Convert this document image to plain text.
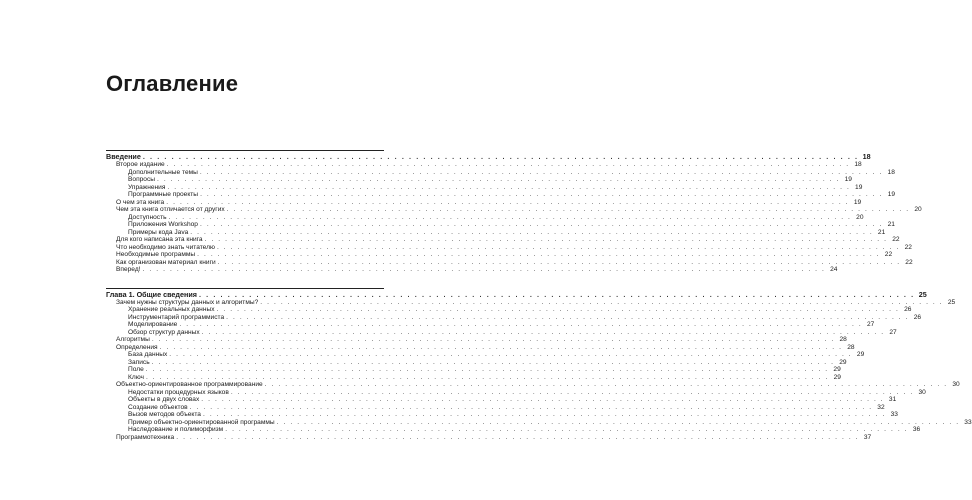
Оглавление
Введение . . . . . . . . . . . . . . . . . . . . . . . . . . . . . . . . . . . . . . . . . . . . . . . . . . . . . . . . . . . . . . . . . . . . . . . . . . . . . . . . . . . . . . . . . . . . . . . . . . . . 18
Второе издание . . . . . . . . . . . . . . . . . . . . . . . . . . . . . . . . . . . . . . . . . . . . . . . . . . . . . . . . . . . . . . . . . . . . . . . . . . . . . . . . . . . . . . . . . . . . . . . . . . . . 18
Дополнительные темы . . . . . . . . . . . . . . . . . . . . . . . . . . . . . . . . . . . . . . . . . . . . . . . . . . . . . . . . . . . . . . . . . . . . . . . . . . . . . . . . . . . . . . . . . . . . . . . . . . . . 18
Вопросы . . . . . . . . . . . . . . . . . . . . . . . . . . . . . . . . . . . . . . . . . . . . . . . . . . . . . . . . . . . . . . . . . . . . . . . . . . . . . . . . . . . . . . . . . . . . . . . . . . . . 19
Упражнения . . . . . . . . . . . . . . . . . . . . . . . . . . . . . . . . . . . . . . . . . . . . . . . . . . . . . . . . . . . . . . . . . . . . . . . . . . . . . . . . . . . . . . . . . . . . . . . . . . . . 19
Программные проекты . . . . . . . . . . . . . . . . . . . . . . . . . . . . . . . . . . . . . . . . . . . . . . . . . . . . . . . . . . . . . . . . . . . . . . . . . . . . . . . . . . . . . . . . . . . . . . . . . . . . 19
О чем эта книга . . . . . . . . . . . . . . . . . . . . . . . . . . . . . . . . . . . . . . . . . . . . . . . . . . . . . . . . . . . . . . . . . . . . . . . . . . . . . . . . . . . . . . . . . . . . . . . . . . . . 19
Чем эта книга отличается от других . . . . . . . . . . . . . . . . . . . . . . . . . . . . . . . . . . . . . . . . . . . . . . . . . . . . . . . . . . . . . . . . . . . . . . . . . . . . . . . . . . . . . . . . . . . . . . . . . . . . 20
Доступность . . . . . . . . . . . . . . . . . . . . . . . . . . . . . . . . . . . . . . . . . . . . . . . . . . . . . . . . . . . . . . . . . . . . . . . . . . . . . . . . . . . . . . . . . . . . . . . . . . . . 20
Приложения Workshop . . . . . . . . . . . . . . . . . . . . . . . . . . . . . . . . . . . . . . . . . . . . . . . . . . . . . . . . . . . . . . . . . . . . . . . . . . . . . . . . . . . . . . . . . . . . . . . . . . . . 21
Примеры кода Java . . . . . . . . . . . . . . . . . . . . . . . . . . . . . . . . . . . . . . . . . . . . . . . . . . . . . . . . . . . . . . . . . . . . . . . . . . . . . . . . . . . . . . . . . . . . . . . . . . . . 21
Для кого написана эта книга . . . . . . . . . . . . . . . . . . . . . . . . . . . . . . . . . . . . . . . . . . . . . . . . . . . . . . . . . . . . . . . . . . . . . . . . . . . . . . . . . . . . . . . . . . . . . . . . . . . . 22
Что необходимо знать читателю . . . . . . . . . . . . . . . . . . . . . . . . . . . . . . . . . . . . . . . . . . . . . . . . . . . . . . . . . . . . . . . . . . . . . . . . . . . . . . . . . . . . . . . . . . . . . . . . . . . . 22
Необходимые программы . . . . . . . . . . . . . . . . . . . . . . . . . . . . . . . . . . . . . . . . . . . . . . . . . . . . . . . . . . . . . . . . . . . . . . . . . . . . . . . . . . . . . . . . . . . . . . . . . . . . 22
Как организован материал книги . . . . . . . . . . . . . . . . . . . . . . . . . . . . . . . . . . . . . . . . . . . . . . . . . . . . . . . . . . . . . . . . . . . . . . . . . . . . . . . . . . . . . . . . . . . . . . . . . . . . 22
Вперед! . . . . . . . . . . . . . . . . . . . . . . . . . . . . . . . . . . . . . . . . . . . . . . . . . . . . . . . . . . . . . . . . . . . . . . . . . . . . . . . . . . . . . . . . . . . . . . . . . . . . 24
Глава 1. Общие сведения . . . . . . . . . . . . . . . . . . . . . . . . . . . . . . . . . . . . . . . . . . . . . . . . . . . . . . . . . . . . . . . . . . . . . . . . . . . . . . . . . . . . . . . . . . . . . . . . . . . . 25
Зачем нужны структуры данных и алгоритмы? . . . . . . . . . . . . . . . . . . . . . . . . . . . . . . . . . . . . . . . . . . . . . . . . . . . . . . . . . . . . . . . . . . . . . . . . . . . . . . . . . . . . . . . . . . . . . . . . . . . . 25
Хранение реальных данных . . . . . . . . . . . . . . . . . . . . . . . . . . . . . . . . . . . . . . . . . . . . . . . . . . . . . . . . . . . . . . . . . . . . . . . . . . . . . . . . . . . . . . . . . . . . . . . . . . . . 26
Инструментарий программиста . . . . . . . . . . . . . . . . . . . . . . . . . . . . . . . . . . . . . . . . . . . . . . . . . . . . . . . . . . . . . . . . . . . . . . . . . . . . . . . . . . . . . . . . . . . . . . . . . . . . 26
Моделирование . . . . . . . . . . . . . . . . . . . . . . . . . . . . . . . . . . . . . . . . . . . . . . . . . . . . . . . . . . . . . . . . . . . . . . . . . . . . . . . . . . . . . . . . . . . . . . . . . . . . 27
Обзор структур данных . . . . . . . . . . . . . . . . . . . . . . . . . . . . . . . . . . . . . . . . . . . . . . . . . . . . . . . . . . . . . . . . . . . . . . . . . . . . . . . . . . . . . . . . . . . . . . . . . . . . 27
Алгоритмы . . . . . . . . . . . . . . . . . . . . . . . . . . . . . . . . . . . . . . . . . . . . . . . . . . . . . . . . . . . . . . . . . . . . . . . . . . . . . . . . . . . . . . . . . . . . . . . . . . . . 28
Определения . . . . . . . . . . . . . . . . . . . . . . . . . . . . . . . . . . . . . . . . . . . . . . . . . . . . . . . . . . . . . . . . . . . . . . . . . . . . . . . . . . . . . . . . . . . . . . . . . . . . 28
База данных . . . . . . . . . . . . . . . . . . . . . . . . . . . . . . . . . . . . . . . . . . . . . . . . . . . . . . . . . . . . . . . . . . . . . . . . . . . . . . . . . . . . . . . . . . . . . . . . . . . . 29
Запись . . . . . . . . . . . . . . . . . . . . . . . . . . . . . . . . . . . . . . . . . . . . . . . . . . . . . . . . . . . . . . . . . . . . . . . . . . . . . . . . . . . . . . . . . . . . . . . . . . . . 29
Поле . . . . . . . . . . . . . . . . . . . . . . . . . . . . . . . . . . . . . . . . . . . . . . . . . . . . . . . . . . . . . . . . . . . . . . . . . . . . . . . . . . . . . . . . . . . . . . . . . . . . 29
Ключ . . . . . . . . . . . . . . . . . . . . . . . . . . . . . . . . . . . . . . . . . . . . . . . . . . . . . . . . . . . . . . . . . . . . . . . . . . . . . . . . . . . . . . . . . . . . . . . . . . . . 29
Объектно-ориентированное программирование . . . . . . . . . . . . . . . . . . . . . . . . . . . . . . . . . . . . . . . . . . . . . . . . . . . . . . . . . . . . . . . . . . . . . . . . . . . . . . . . . . . . . . . . . . . . . . . . . . . . 30
Недостатки процедурных языков . . . . . . . . . . . . . . . . . . . . . . . . . . . . . . . . . . . . . . . . . . . . . . . . . . . . . . . . . . . . . . . . . . . . . . . . . . . . . . . . . . . . . . . . . . . . . . . . . . . . 30
Объекты в двух словах . . . . . . . . . . . . . . . . . . . . . . . . . . . . . . . . . . . . . . . . . . . . . . . . . . . . . . . . . . . . . . . . . . . . . . . . . . . . . . . . . . . . . . . . . . . . . . . . . . . . 31
Создание объектов . . . . . . . . . . . . . . . . . . . . . . . . . . . . . . . . . . . . . . . . . . . . . . . . . . . . . . . . . . . . . . . . . . . . . . . . . . . . . . . . . . . . . . . . . . . . . . . . . . . . 32
Вызов методов объекта . . . . . . . . . . . . . . . . . . . . . . . . . . . . . . . . . . . . . . . . . . . . . . . . . . . . . . . . . . . . . . . . . . . . . . . . . . . . . . . . . . . . . . . . . . . . . . . . . . . . 33
Пример объектно-ориентированной программы . . . . . . . . . . . . . . . . . . . . . . . . . . . . . . . . . . . . . . . . . . . . . . . . . . . . . . . . . . . . . . . . . . . . . . . . . . . . . . . . . . . . . . . . . . . . . . . . . . . . 33
Наследование и полиморфизм . . . . . . . . . . . . . . . . . . . . . . . . . . . . . . . . . . . . . . . . . . . . . . . . . . . . . . . . . . . . . . . . . . . . . . . . . . . . . . . . . . . . . . . . . . . . . . . . . . . . 36
Программотехника . . . . . . . . . . . . . . . . . . . . . . . . . . . . . . . . . . . . . . . . . . . . . . . . . . . . . . . . . . . . . . . . . . . . . . . . . . . . . . . . . . . . . . . . . . . . . . . . . . . . 37
